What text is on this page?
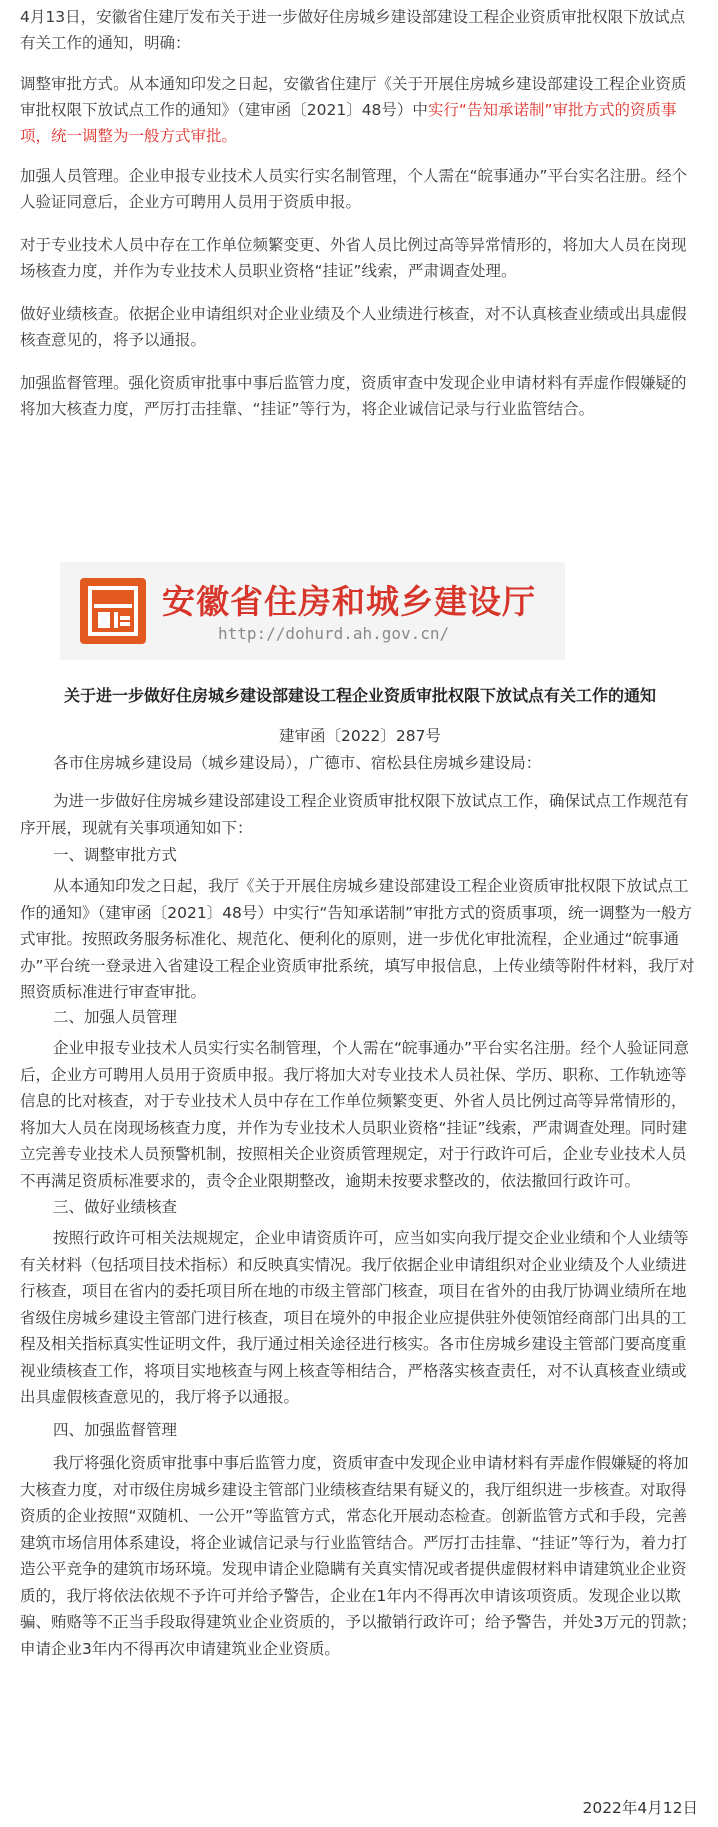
4月13日，安徽省住建厅发布关于进一步做好住房城乡建设部建设工程企业资质审批权限下放试点有关工作的通知，明确：

调整审批方式。从本通知印发之日起，安徽省住建厅《关于开展住房城乡建设部建设工程企业资质审批权限下放试点工作的通知》（建审函〔2021〕48号）中实行“告知承诺制”审批方式的资质事项，统一调整为一般方式审批。

加强人员管理。企业申报专业技术人员实行实名制管理，个人需在“皖事通办”平台实名注册。经个人验证同意后，企业方可聘用人员用于资质申报。

对于专业技术人员中存在工作单位频繁变更、外省人员比例过高等异常情形的，将加大人员在岗现场核查力度，并作为专业技术人员职业资格“挂证”线索，严肃调查处理。

做好业绩核查。依据企业申请组织对企业业绩及个人业绩进行核查，对不认真核查业绩或出具虚假核查意见的，将予以通报。

加强监督管理。强化资质审批事中事后监管力度，资质审查中发现企业申请材料有弄虚作假嫌疑的将加大核查力度，严厉打击挂靠、“挂证”等行为，将企业诚信记录与行业监管结合。

安徽省住房和城乡建设厅
http://dohurd.ah.gov.cn/
关于进一步做好住房城乡建设部建设工程企业资质审批权限下放试点有关工作的通知
建审函〔2022〕287号

各市住房城乡建设局（城乡建设局），广德市、宿松县住房城乡建设局：

为进一步做好住房城乡建设部建设工程企业资质审批权限下放试点工作，确保试点工作规范有序开展，现就有关事项通知如下：

一、调整审批方式

从本通知印发之日起，我厅《关于开展住房城乡建设部建设工程企业资质审批权限下放试点工作的通知》（建审函〔2021〕48号）中实行“告知承诺制”审批方式的资质事项，统一调整为一般方式审批。按照政务服务标准化、规范化、便利化的原则，进一步优化审批流程，企业通过“皖事通办”平台统一登录进入省建设工程企业资质审批系统，填写申报信息，上传业绩等附件材料，我厅对照资质标准进行审查审批。

二、加强人员管理

企业申报专业技术人员实行实名制管理，个人需在“皖事通办”平台实名注册。经个人验证同意后，企业方可聘用人员用于资质申报。我厅将加大对专业技术人员社保、学历、职称、工作轨迹等信息的比对核查，对于专业技术人员中存在工作单位频繁变更、外省人员比例过高等异常情形的，将加大人员在岗现场核查力度，并作为专业技术人员职业资格“挂证”线索，严肃调查处理。同时建立完善专业技术人员预警机制，按照相关企业资质管理规定，对于行政许可后，企业专业技术人员不再满足资质标准要求的，责令企业限期整改，逾期未按要求整改的，依法撤回行政许可。

三、做好业绩核查

按照行政许可相关法规规定，企业申请资质许可，应当如实向我厅提交企业业绩和个人业绩等有关材料（包括项目技术指标）和反映真实情况。我厅依据企业申请组织对企业业绩及个人业绩进行核查，项目在省内的委托项目所在地的市级主管部门核查，项目在省外的由我厅协调业绩所在地省级住房城乡建设主管部门进行核查，项目在境外的申报企业应提供驻外使领馆经商部门出具的工程及相关指标真实性证明文件，我厅通过相关途径进行核实。各市住房城乡建设主管部门要高度重视业绩核查工作，将项目实地核查与网上核查等相结合，严格落实核查责任，对不认真核查业绩或出具虚假核查意见的，我厅将予以通报。

四、加强监督管理

我厅将强化资质审批事中事后监管力度，资质审查中发现企业申请材料有弄虚作假嫌疑的将加大核查力度，对市级住房城乡建设主管部门业绩核查结果有疑义的，我厅组织进一步核查。对取得资质的企业按照“双随机、一公开”等监管方式，常态化开展动态检查。创新监管方式和手段，完善建筑市场信用体系建设，将企业诚信记录与行业监管结合。严厉打击挂靠、“挂证”等行为，着力打造公平竞争的建筑市场环境。发现申请企业隐瞒有关真实情况或者提供虚假材料申请建筑业企业资质的，我厅将依法依规不予许可并给予警告，企业在1年内不得再次申请该项资质。发现企业以欺骗、贿赂等不正当手段取得建筑业企业资质的，予以撤销行政许可；给予警告，并处3万元的罚款；申请企业3年内不得再次申请建筑业企业资质。

2022年4月12日
